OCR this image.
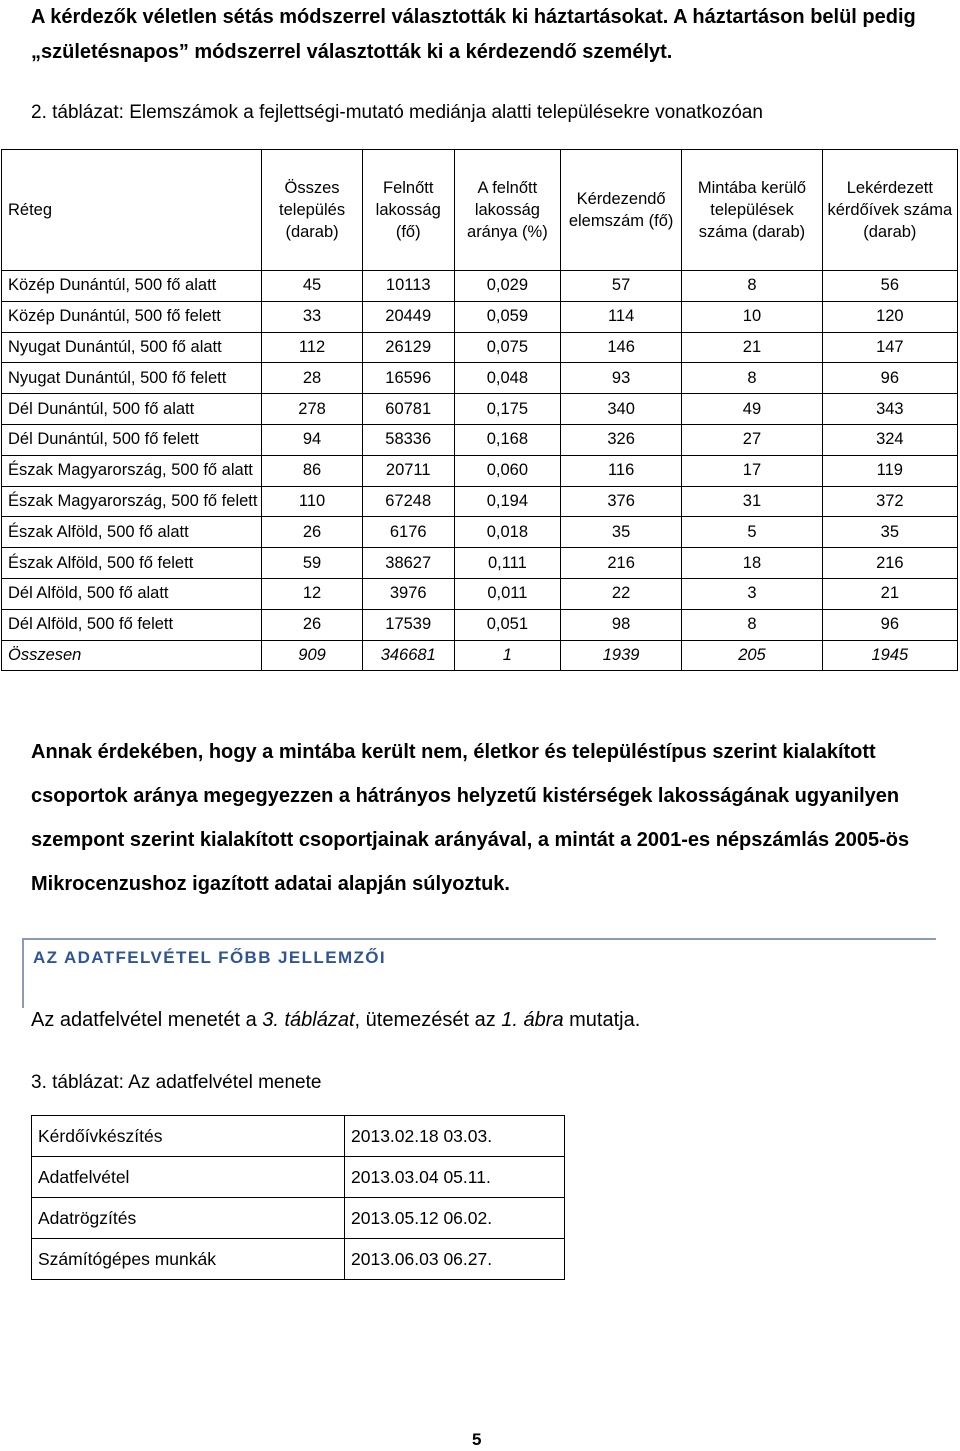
A kérdezők véletlen sétás módszerrel választották ki háztartásokat. A háztartáson belül pedig „születésnapos” módszerrel választották ki a kérdezendő személyt.
2. táblázat: Elemszámok a fejlettségi-mutató mediánja alatti településekre vonatkozóan
Réteg	Összes település (darab)	Felnőtt lakosság (fő)	A felnőtt lakosság aránya (%)	Kérdezendő elemszám (fő)	Mintába kerülő települések száma (darab)	Lekérdezett kérdőívek száma (darab)
Közép Dunántúl, 500 fő alatt	45	10113	0,029	57	8	56
Közép Dunántúl, 500 fő felett	33	20449	0,059	114	10	120
Nyugat Dunántúl, 500 fő alatt	112	26129	0,075	146	21	147
Nyugat Dunántúl, 500 fő felett	28	16596	0,048	93	8	96
Dél Dunántúl, 500 fő alatt	278	60781	0,175	340	49	343
Dél Dunántúl, 500 fő felett	94	58336	0,168	326	27	324
Észak Magyarország, 500 fő alatt	86	20711	0,060	116	17	119
Észak Magyarország, 500 fő felett	110	67248	0,194	376	31	372
Észak Alföld, 500 fő alatt	26	6176	0,018	35	5	35
Észak Alföld, 500 fő felett	59	38627	0,111	216	18	216
Dél Alföld, 500 fő alatt	12	3976	0,011	22	3	21
Dél Alföld, 500 fő felett	26	17539	0,051	98	8	96
Összesen	909	346681	1	1939	205	1945
Annak érdekében, hogy a mintába került nem, életkor és településtípus szerint kialakított csoportok aránya megegyezzen a hátrányos helyzetű kistérségek lakosságának ugyanilyen szempont szerint kialakított csoportjainak arányával, a mintát a 2001-es népszámlás 2005-ös Mikrocenzushoz igazított adatai alapján súlyoztuk.
AZ ADATFELVÉTEL FŐBB JELLEMZŐI
Az adatfelvétel menetét a 3. táblázat, ütemezését az 1. ábra mutatja.
3. táblázat: Az adatfelvétel menete
Kérdőívkészítés	2013.02.18 03.03.
Adatfelvétel	2013.03.04 05.11.
Adatrögzítés	2013.05.12 06.02.
Számítógépes munkák	2013.06.03 06.27.
5
